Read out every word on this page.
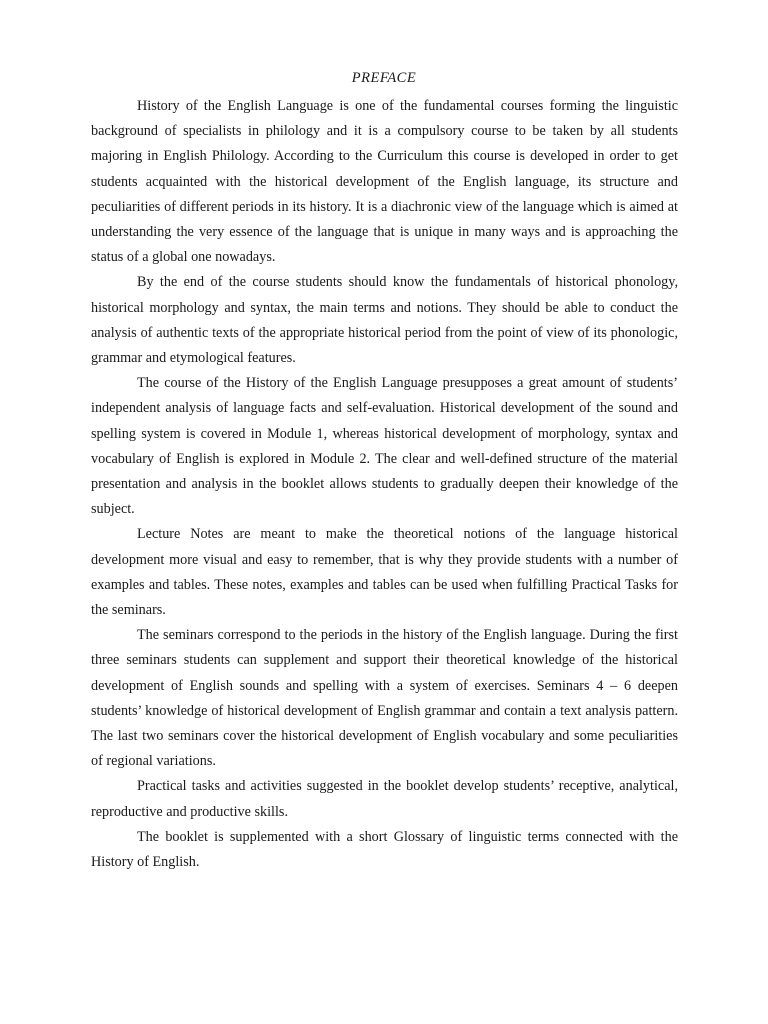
PREFACE

History of the English Language is one of the fundamental courses forming the linguistic background of specialists in philology and it is a compulsory course to be taken by all students majoring in English Philology. According to the Curriculum this course is developed in order to get students acquainted with the historical development of the English language, its structure and peculiarities of different periods in its history. It is a diachronic view of the language which is aimed at understanding the very essence of the language that is unique in many ways and is approaching the status of a global one nowadays.

By the end of the course students should know the fundamentals of historical phonology, historical morphology and syntax, the main terms and notions. They should be able to conduct the analysis of authentic texts of the appropriate historical period from the point of view of its phonologic, grammar and etymological features.

The course of the History of the English Language presupposes a great amount of students’ independent analysis of language facts and self-evaluation. Historical development of the sound and spelling system is covered in Module 1, whereas historical development of morphology, syntax and vocabulary of English is explored in Module 2. The clear and well-defined structure of the material presentation and analysis in the booklet allows students to gradually deepen their knowledge of the subject.

Lecture Notes are meant to make the theoretical notions of the language historical development more visual and easy to remember, that is why they provide students with a number of examples and tables. These notes, examples and tables can be used when fulfilling Practical Tasks for the seminars.

The seminars correspond to the periods in the history of the English language. During the first three seminars students can supplement and support their theoretical knowledge of the historical development of English sounds and spelling with a system of exercises. Seminars 4 – 6 deepen students’ knowledge of historical development of English grammar and contain a text analysis pattern. The last two seminars cover the historical development of English vocabulary and some peculiarities of regional variations.

Practical tasks and activities suggested in the booklet develop students’ receptive, analytical, reproductive and productive skills.

The booklet is supplemented with a short Glossary of linguistic terms connected with the History of English.
